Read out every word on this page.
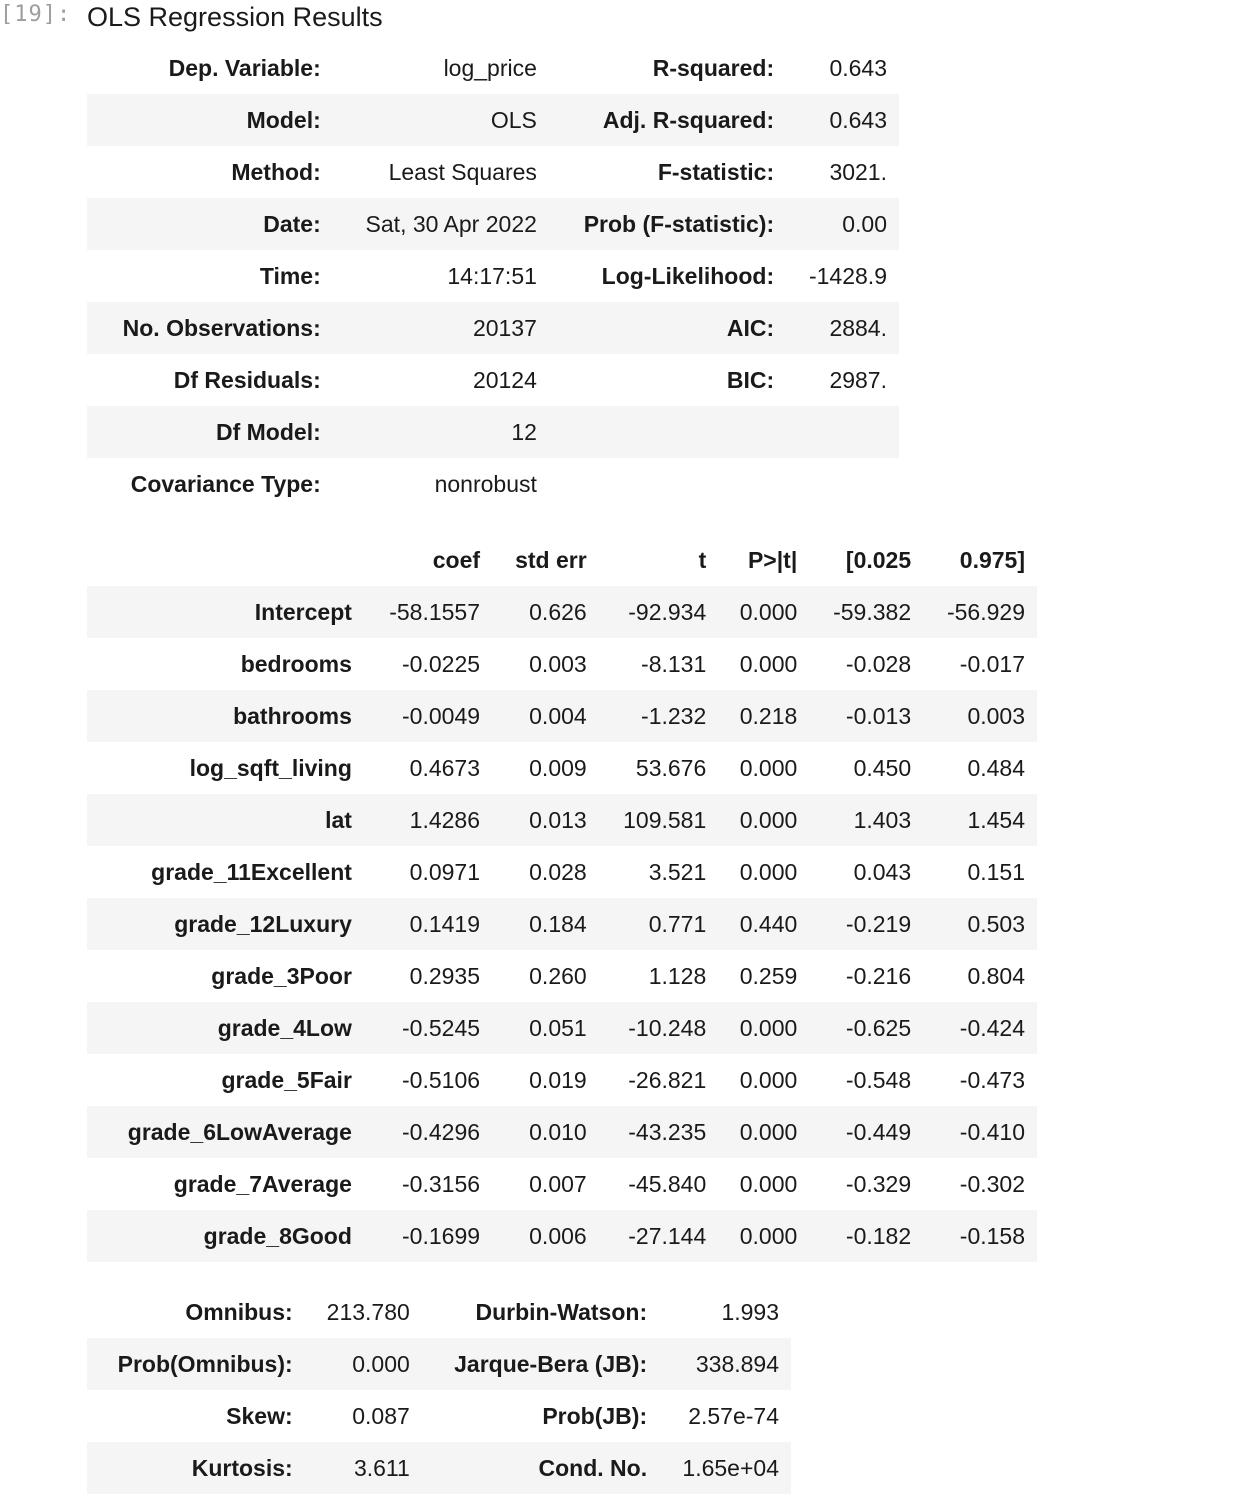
[19]: OLS Regression Results
Dep. Variable:	log_price	R-squared:	0.643
Model:	OLS	Adj. R-squared:	0.643
Method:	Least Squares	F-statistic:	3021.
Date:	Sat, 30 Apr 2022	Prob (F-statistic):	0.00
Time:	14:17:51	Log-Likelihood:	-1428.9
No. Observations:	20137	AIC:	2884.
Df Residuals:	20124	BIC:	2987.
Df Model:	12		
Covariance Type:	nonrobust		
	coef	std err	t	P>|t|	[0.025	0.975]
Intercept	-58.1557	0.626	-92.934	0.000	-59.382	-56.929
bedrooms	-0.0225	0.003	-8.131	0.000	-0.028	-0.017
bathrooms	-0.0049	0.004	-1.232	0.218	-0.013	0.003
log_sqft_living	0.4673	0.009	53.676	0.000	0.450	0.484
lat	1.4286	0.013	109.581	0.000	1.403	1.454
grade_11Excellent	0.0971	0.028	3.521	0.000	0.043	0.151
grade_12Luxury	0.1419	0.184	0.771	0.440	-0.219	0.503
grade_3Poor	0.2935	0.260	1.128	0.259	-0.216	0.804
grade_4Low	-0.5245	0.051	-10.248	0.000	-0.625	-0.424
grade_5Fair	-0.5106	0.019	-26.821	0.000	-0.548	-0.473
grade_6LowAverage	-0.4296	0.010	-43.235	0.000	-0.449	-0.410
grade_7Average	-0.3156	0.007	-45.840	0.000	-0.329	-0.302
grade_8Good	-0.1699	0.006	-27.144	0.000	-0.182	-0.158
Omnibus:	213.780	Durbin-Watson:	1.993
Prob(Omnibus):	0.000	Jarque-Bera (JB):	338.894
Skew:	0.087	Prob(JB):	2.57e-74
Kurtosis:	3.611	Cond. No.	1.65e+04
